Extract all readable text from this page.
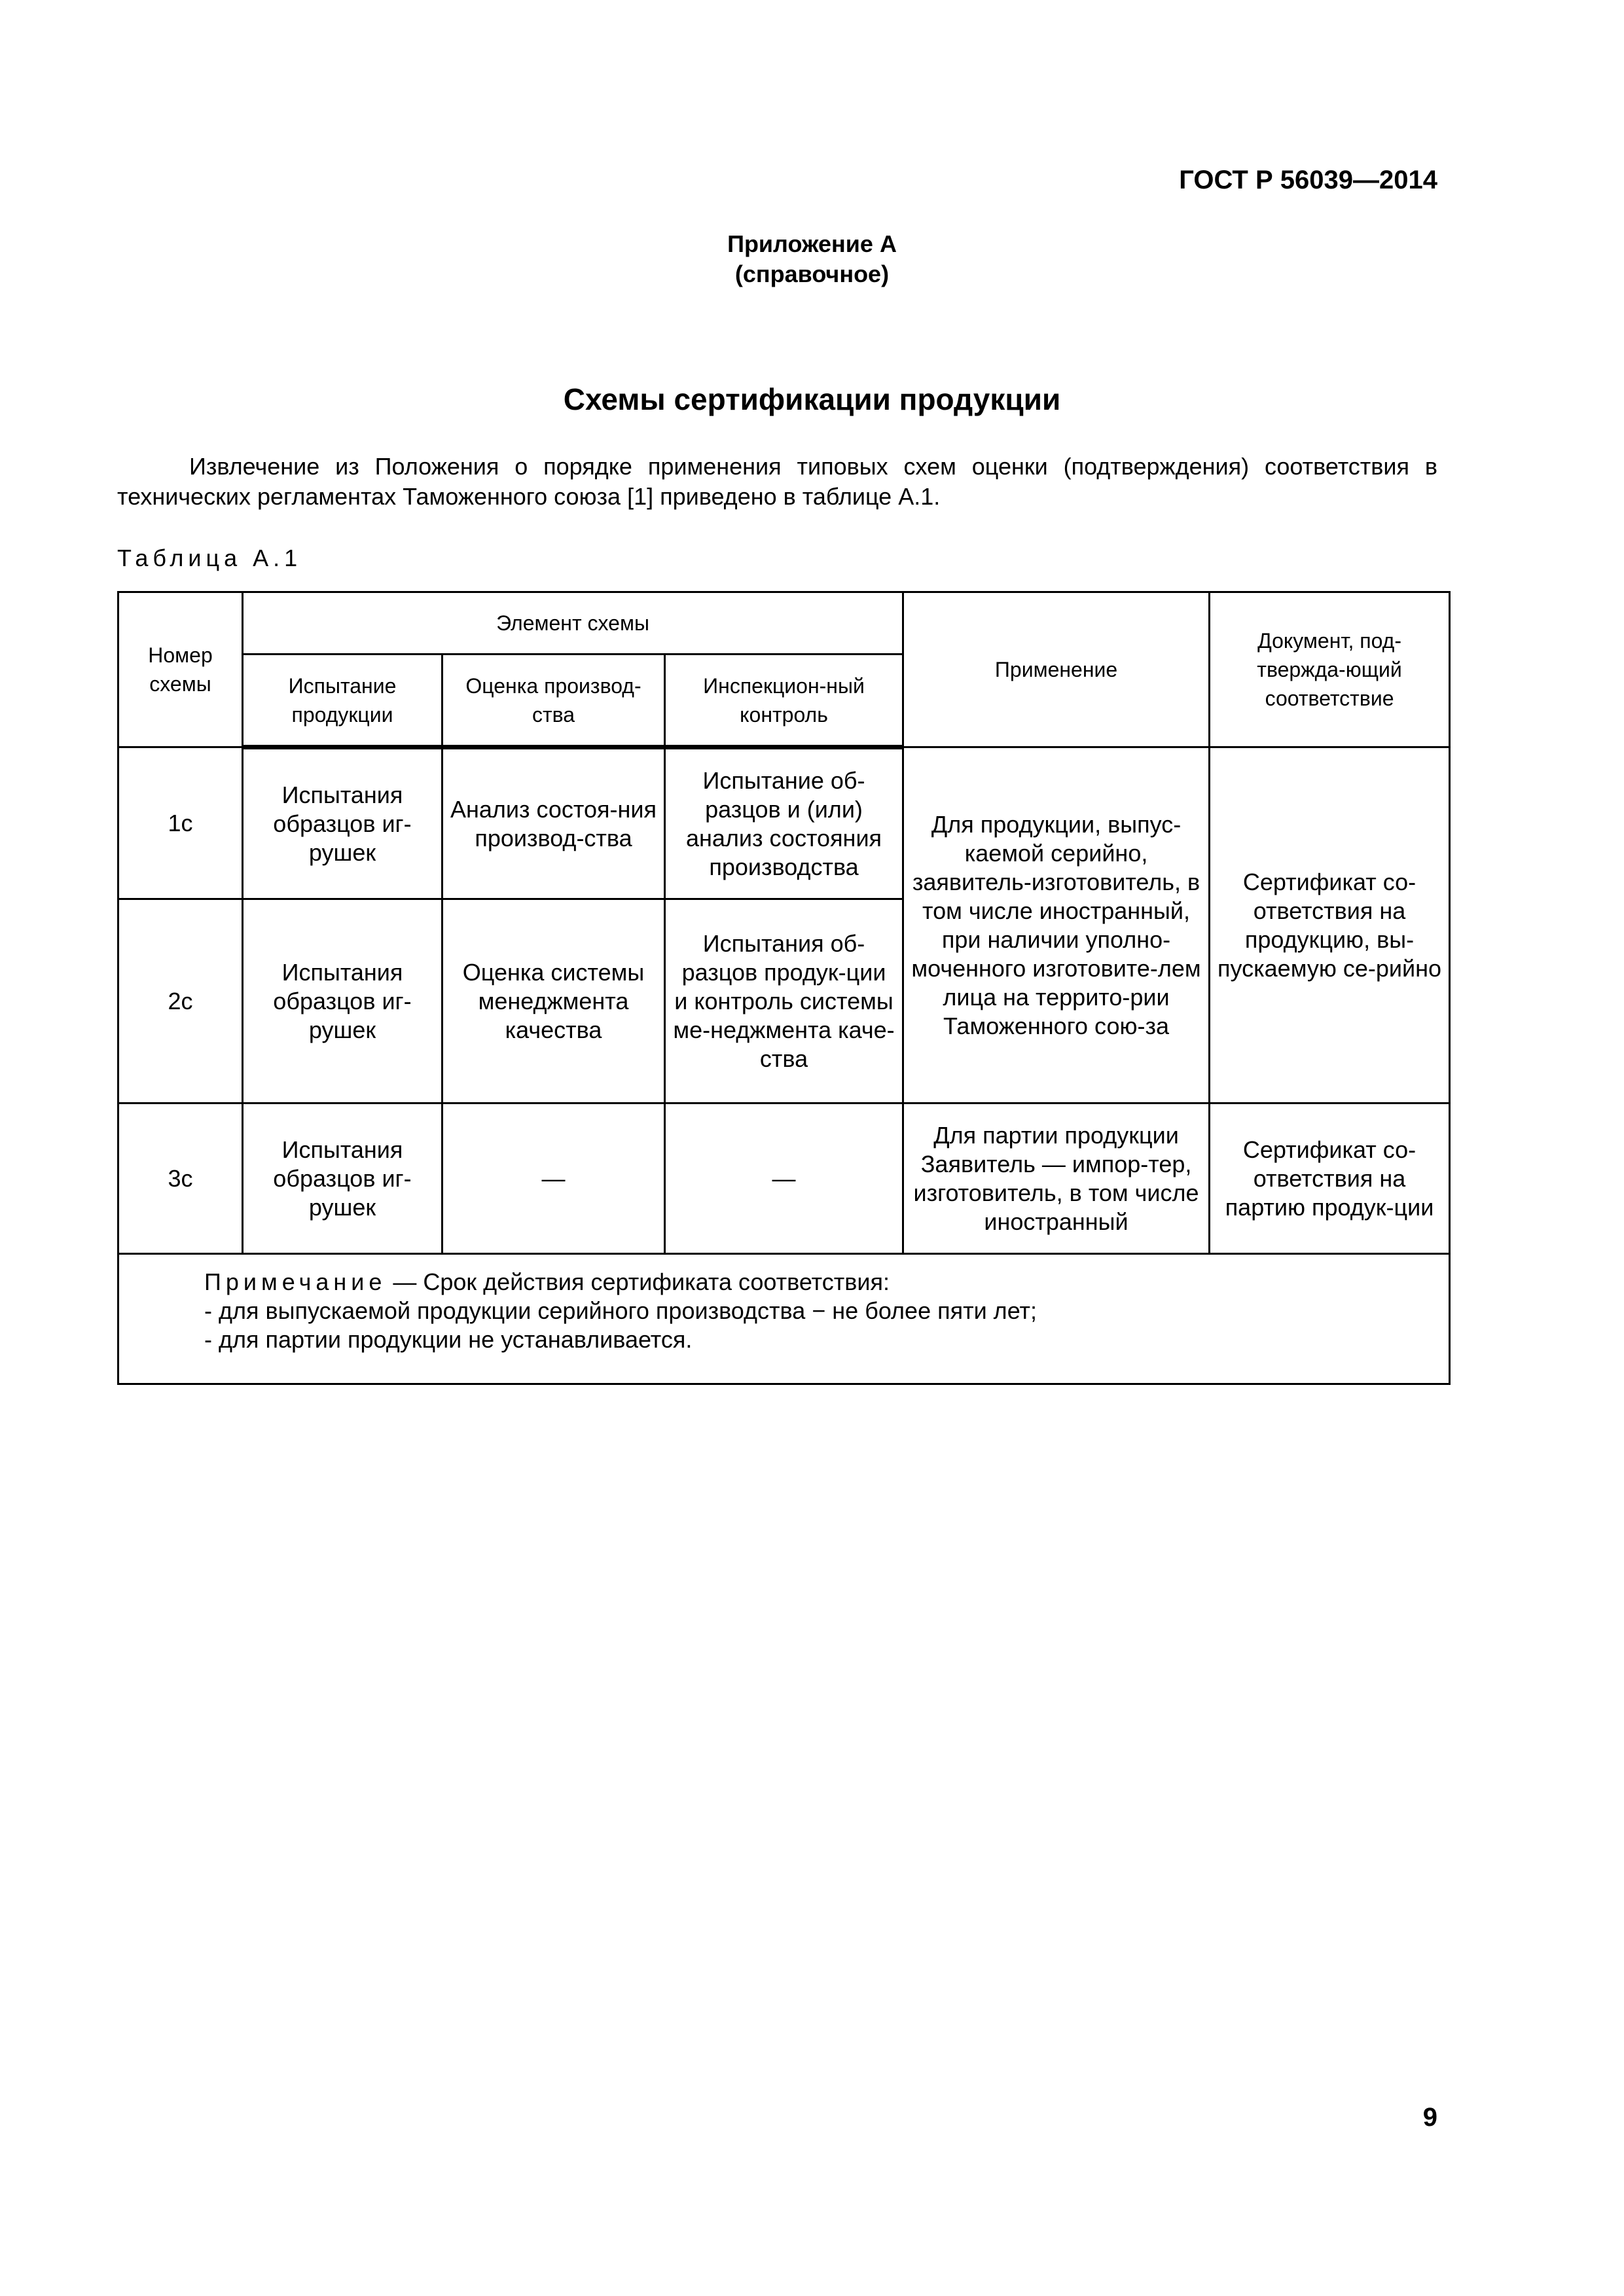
ГОСТ Р 56039—2014
Приложение А
(справочное)
Схемы сертификации продукции
Извлечение из Положения о порядке применения типовых схем оценки (подтверждения) соответствия в технических регламентах Таможенного союза [1] приведено в таблице А.1.
Таблица А.1
Номер схемы	Элемент схемы			Применение	Документ, под-тверждa-ющий соответствие
	Испытание продукции	Оценка производ-ства	Инспекцион-ный контроль		
1с	Испытания образцов иг-рушек	Анализ состоя-ния производ-ства	Испытание об-разцов и (или) анализ состояния производства	Для продукции, выпус-каемой серийно, заявитель-изготовитель, в том числе иностранный, при наличии уполно-моченного изготовите-лем лица на террито-рии Таможенного сою-за	Сертификат со-ответствия на продукцию, вы-пускаемую се-рийно
2с	Испытания образцов иг-рушек	Оценка системы менеджмента качества	Испытания об-разцов продук-ции и контроль системы ме-неджмента каче-ства		
3с	Испытания образцов иг-рушек	—	—	Для партии продукции Заявитель — импор-тер, изготовитель, в том числе иностранный	Сертификат со-ответствия на партию продук-ции

Примечание — Срок действия сертификата соответствия:
- для выпускаемой продукции серийного производства − не более пяти лет;
- для партии продукции не устанавливается.					
9
